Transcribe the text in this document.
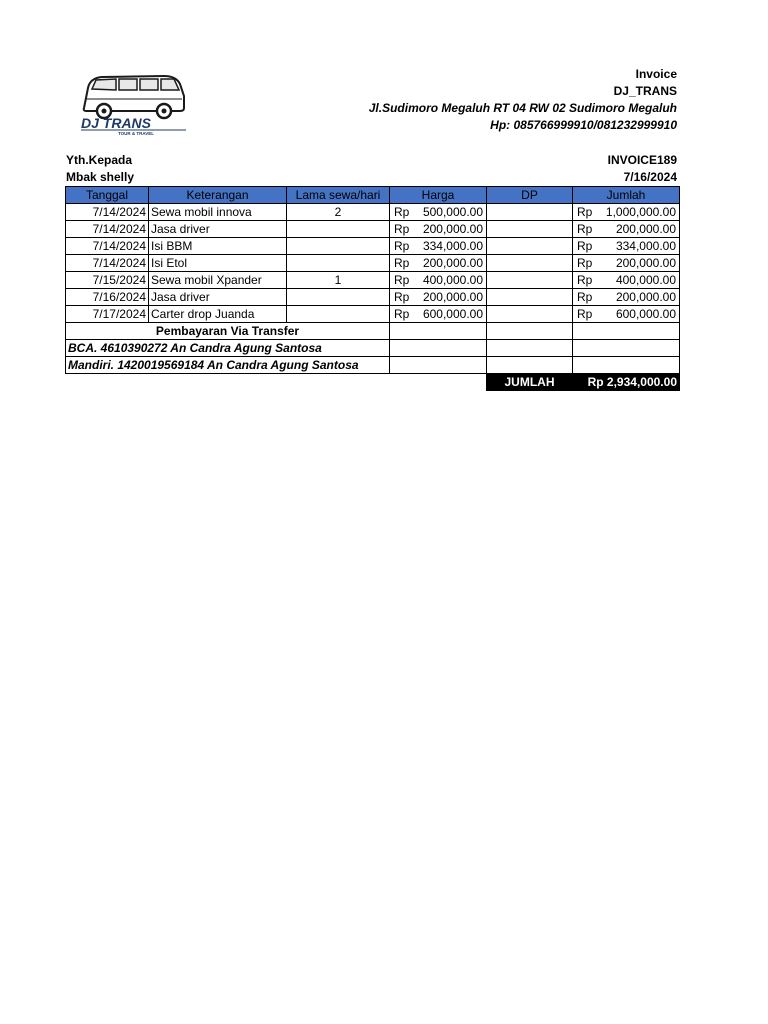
DJ TRANS
TOUR & TRAVEL
Invoice
DJ_TRANS
Jl.Sudimoro Megaluh RT 04 RW 02 Sudimoro Megaluh
Hp: 085766999910/081232999910
Yth.Kepada
Mbak shelly
INVOICE189
7/16/2024
Tanggal	Keterangan	Lama sewa/hari	Harga	DP	Jumlah
7/14/2024	Sewa mobil innova	2	Rp 500,000.00		Rp 1,000,000.00

7/14/2024	Jasa driver		Rp 200,000.00		Rp 200,000.00

7/14/2024	Isi BBM		Rp 334,000.00		Rp 334,000.00

7/14/2024	Isi Etol		Rp 200,000.00		Rp 200,000.00

7/15/2024	Sewa mobil Xpander	1	Rp 400,000.00		Rp 400,000.00

7/16/2024	Jasa driver		Rp 200,000.00		Rp 200,000.00

7/17/2024	Carter drop Juanda		Rp 600,000.00		Rp 600,000.00

Pembayaran Via Transfer					
BCA. 4610390272 An Candra Agung Santosa					
Mandiri. 1420019569184 An Candra Agung Santosa					
				JUMLAH	Rp 2,934,000.00
